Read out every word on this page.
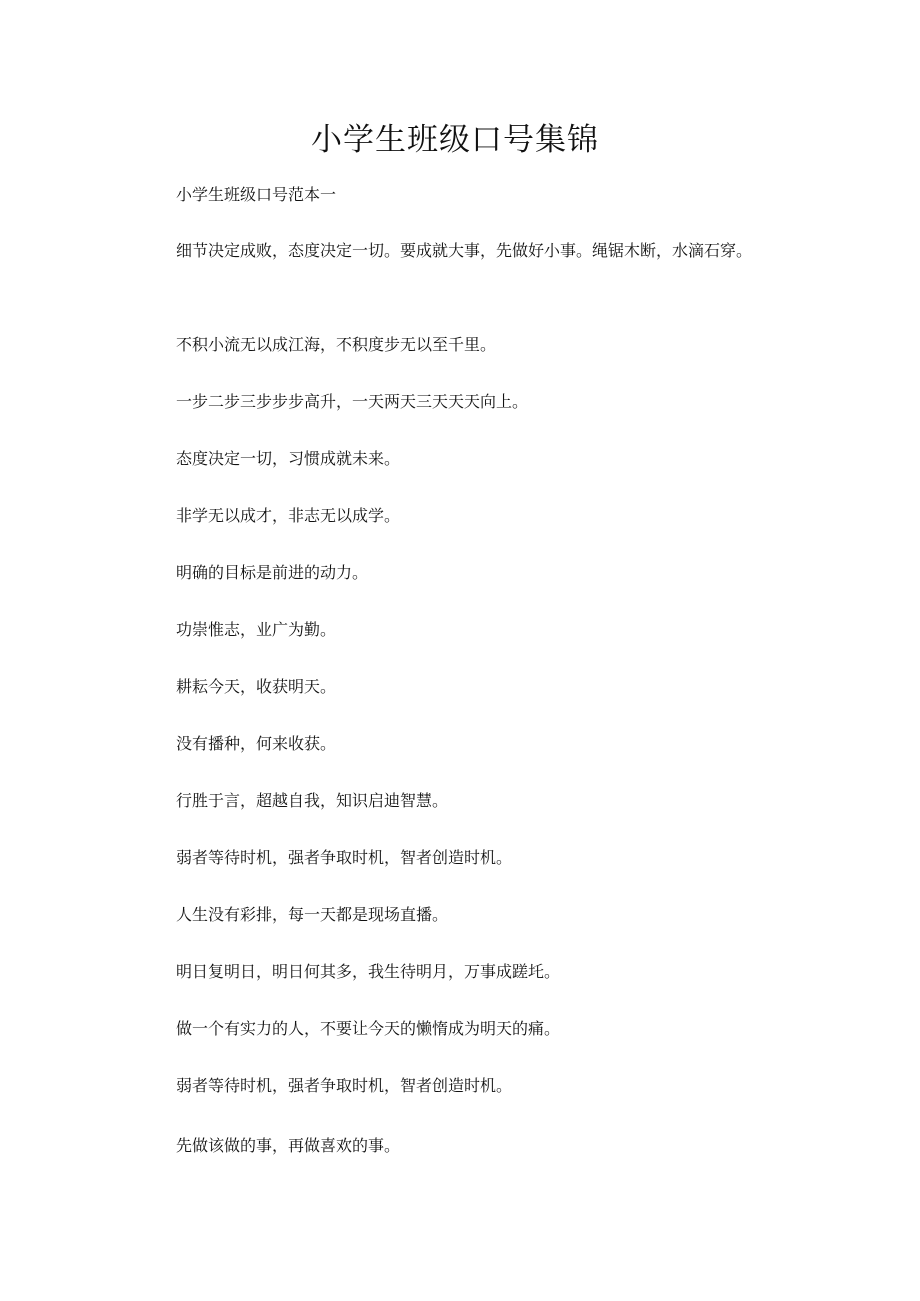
小学生班级口号集锦
小学生班级口号范本一
细节决定成败，态度决定一切。要成就大事，先做好小事。绳锯木断，水滴石穿。
不积小流无以成江海，不积度步无以至千里。
一步二步三步步步高升，一天两天三天天天向上。
态度决定一切，习惯成就未来。
非学无以成才，非志无以成学。
明确的目标是前进的动力。
功崇惟志，业广为勤。
耕耘今天，收获明天。
没有播种，何来收获。
行胜于言，超越自我，知识启迪智慧。
弱者等待时机，强者争取时机，智者创造时机。
人生没有彩排，每一天都是现场直播。
明日复明日，明日何其多，我生待明月，万事成蹉圫。
做一个有实力的人，不要让今天的懒惰成为明天的痛。
弱者等待时机，强者争取时机，智者创造时机。
先做该做的事，再做喜欢的事。
